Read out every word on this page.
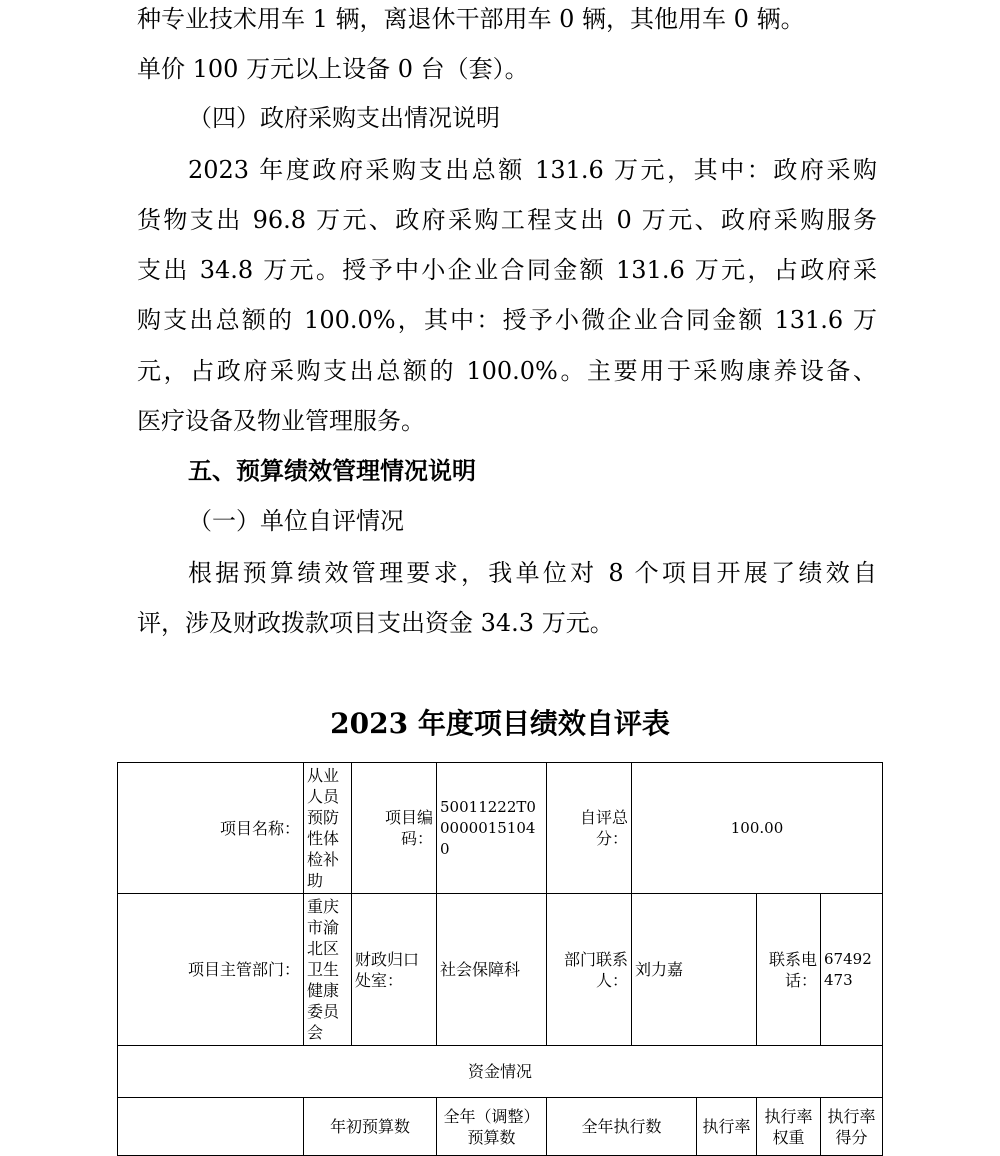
种专业技术用车 1 辆，离退休干部用车 0 辆，其他用车 0 辆。
单价 100 万元以上设备 0 台（套）。
（四）政府采购支出情况说明
2023 年度政府采购支出总额 131.6 万元，其中：政府采购
货物支出 96.8 万元、政府采购工程支出 0 万元、政府采购服务
支出 34.8 万元。授予中小企业合同金额 131.6 万元，占政府采
购支出总额的 100.0%，其中：授予小微企业合同金额 131.6 万
元，占政府采购支出总额的 100.0%。主要用于采购康养设备、
医疗设备及物业管理服务。
五、预算绩效管理情况说明
（一）单位自评情况
根据预算绩效管理要求，我单位对 8 个项目开展了绩效自
评，涉及财政拨款项目支出资金 34.3 万元。
2023 年度项目绩效自评表
项目名称：	从业人员预防性体检补助	项目编码：	50011222T000000151040	自评总分：	100.00			
项目主管部门：	重庆市渝北区卫生健康委员会	财政归口处室：	社会保障科	部门联系人：	刘力嘉		联系电话：	67492473
资金情况								
	年初预算数		全年（调整）预算数	全年执行数		执行率	执行率权重	执行率得分
